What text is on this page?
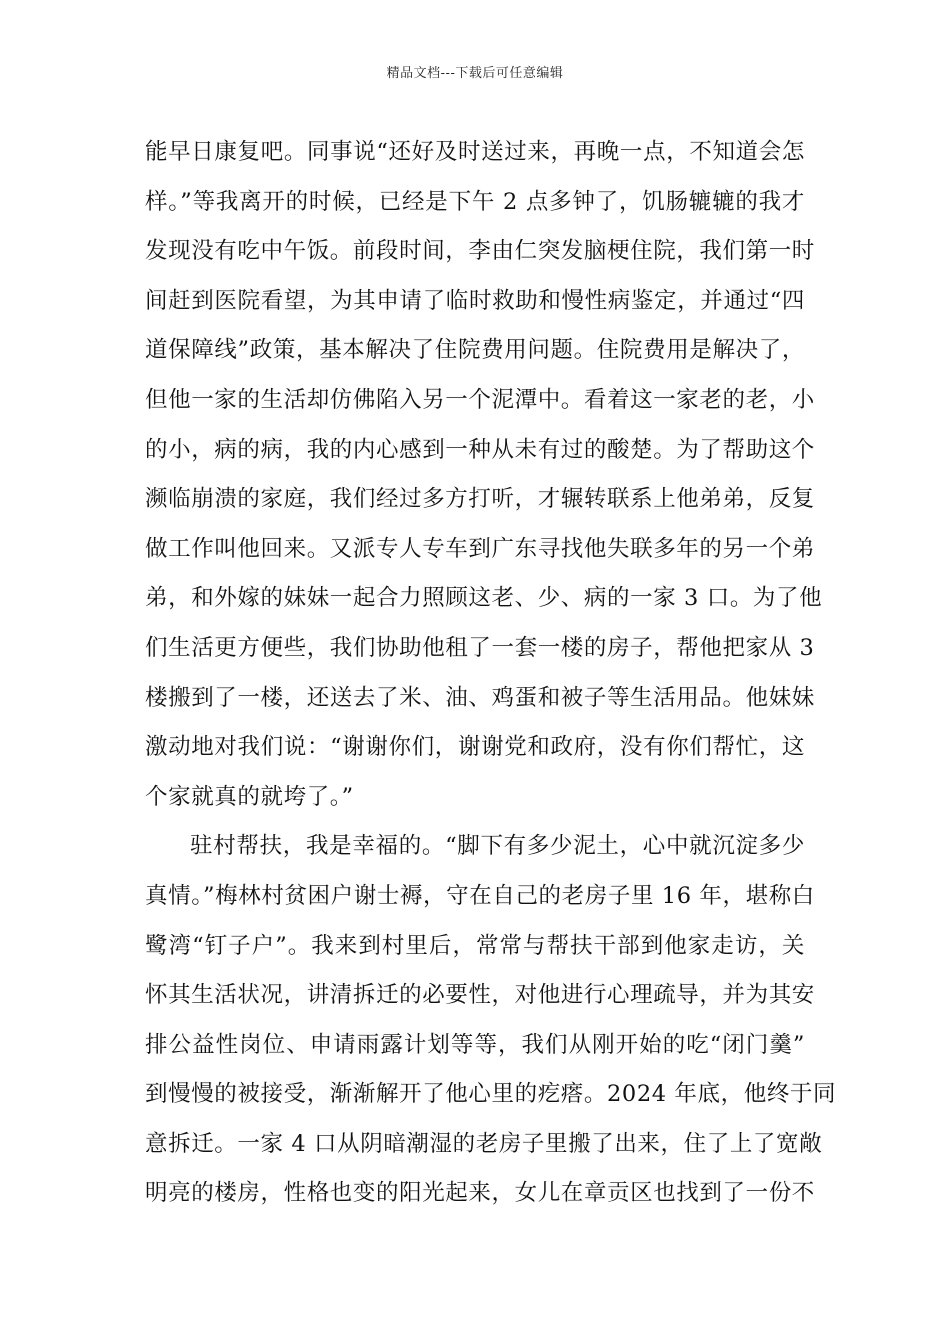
精品文档---下载后可任意编辑
能早日康复吧。同事说“还好及时送过来，再晚一点，不知道会怎
样。”等我离开的时候，已经是下午 2 点多钟了，饥肠辘辘的我才
发现没有吃中午饭。前段时间，李由仁突发脑梗住院，我们第一时
间赶到医院看望，为其申请了临时救助和慢性病鉴定，并通过“四
道保障线”政策，基本解决了住院费用问题。住院费用是解决了，
但他一家的生活却仿佛陷入另一个泥潭中。看着这一家老的老，小
的小，病的病，我的内心感到一种从未有过的酸楚。为了帮助这个
濒临崩溃的家庭，我们经过多方打听，才辗转联系上他弟弟，反复
做工作叫他回来。又派专人专车到广东寻找他失联多年的另一个弟
弟，和外嫁的妹妹一起合力照顾这老、少、病的一家 3 口。为了他
们生活更方便些，我们协助他租了一套一楼的房子，帮他把家从 3
楼搬到了一楼，还送去了米、油、鸡蛋和被子等生活用品。他妹妹
激动地对我们说：“谢谢你们，谢谢党和政府，没有你们帮忙，这
个家就真的就垮了。”
驻村帮扶，我是幸福的。“脚下有多少泥土，心中就沉淀多少
真情。”梅林村贫困户谢士褥，守在自己的老房子里 16 年，堪称白
鹭湾“钉子户”。我来到村里后，常常与帮扶干部到他家走访，关
怀其生活状况，讲清拆迁的必要性，对他进行心理疏导，并为其安
排公益性岗位、申请雨露计划等等，我们从刚开始的吃“闭门羹”
到慢慢的被接受，渐渐解开了他心里的疙瘩。2024 年底，他终于同
意拆迁。一家 4 口从阴暗潮湿的老房子里搬了出来，住了上了宽敞
明亮的楼房，性格也变的阳光起来，女儿在章贡区也找到了一份不
